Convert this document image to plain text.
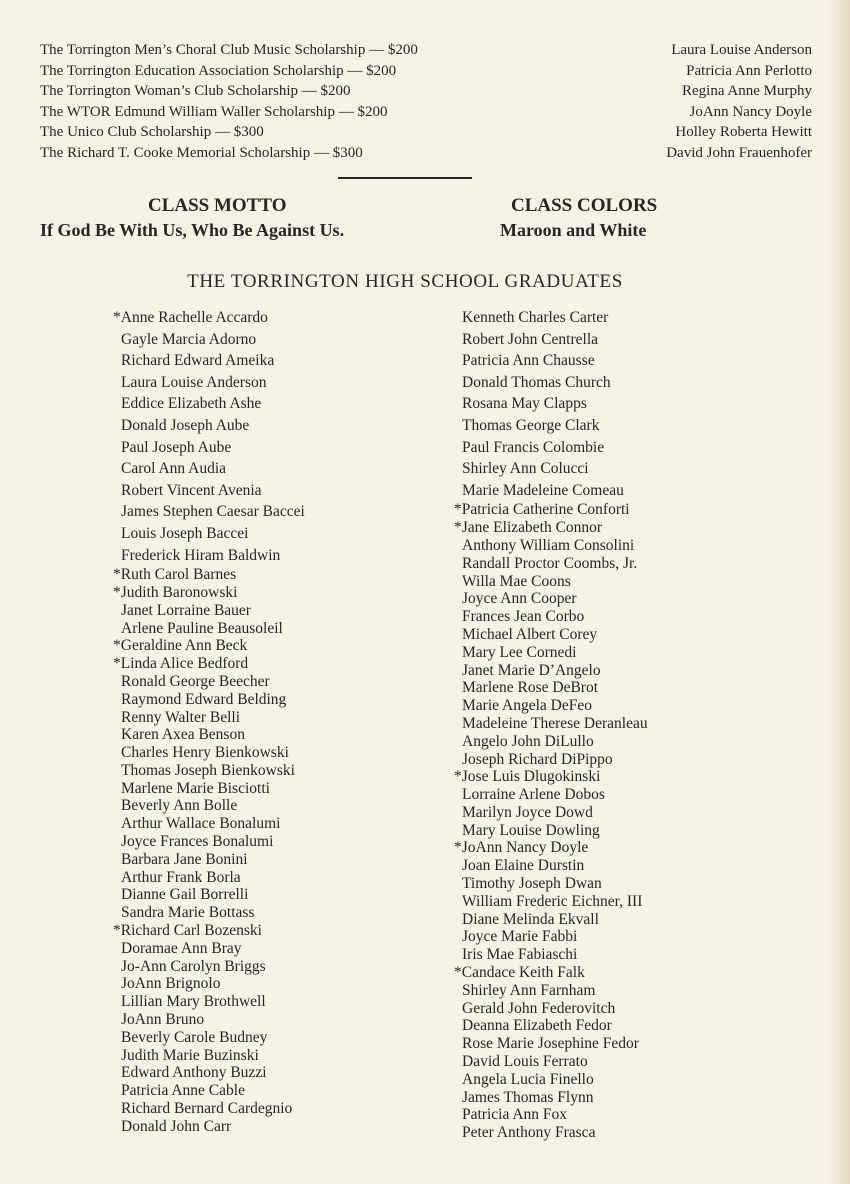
The Torrington Men’s Choral Club Music Scholarship — $200	Laura Louise Anderson
The Torrington Education Association Scholarship — $200	Patricia Ann Perlotto
The Torrington Woman’s Club Scholarship — $200	Regina Anne Murphy
The WTOR Edmund William Waller Scholarship — $200	JoAnn Nancy Doyle
The Unico Club Scholarship — $300	Holley Roberta Hewitt
The Richard T. Cooke Memorial Scholarship — $300	David John Frauenhofer
CLASS MOTTO
If God Be With Us, Who Be Against Us.
CLASS COLORS
Maroon and White
THE TORRINGTON HIGH SCHOOL GRADUATES
*Anne Rachelle Accardo
Gayle Marcia Adorno
Richard Edward Ameika
Laura Louise Anderson
Eddice Elizabeth Ashe
Donald Joseph Aube
Paul Joseph Aube
Carol Ann Audia
Robert Vincent Avenia
James Stephen Caesar Baccei
Louis Joseph Baccei
Frederick Hiram Baldwin
*Ruth Carol Barnes
*Judith Baronowski
Janet Lorraine Bauer
Arlene Pauline Beausoleil
*Geraldine Ann Beck
*Linda Alice Bedford
Ronald George Beecher
Raymond Edward Belding
Renny Walter Belli
Karen Axea Benson
Charles Henry Bienkowski
Thomas Joseph Bienkowski
Marlene Marie Bisciotti
Beverly Ann Bolle
Arthur Wallace Bonalumi
Joyce Frances Bonalumi
Barbara Jane Bonini
Arthur Frank Borla
Dianne Gail Borrelli
Sandra Marie Bottass
*Richard Carl Bozenski
Doramae Ann Bray
Jo-Ann Carolyn Briggs
JoAnn Brignolo
Lillian Mary Brothwell
JoAnn Bruno
Beverly Carole Budney
Judith Marie Buzinski
Edward Anthony Buzzi
Patricia Anne Cable
Richard Bernard Cardegnio
Donald John Carr
Kenneth Charles Carter
Robert John Centrella
Patricia Ann Chausse
Donald Thomas Church
Rosana May Clapps
Thomas George Clark
Paul Francis Colombie
Shirley Ann Colucci
Marie Madeleine Comeau
*Patricia Catherine Conforti
*Jane Elizabeth Connor
Anthony William Consolini
Randall Proctor Coombs, Jr.
Willa Mae Coons
Joyce Ann Cooper
Frances Jean Corbo
Michael Albert Corey
Mary Lee Cornedi
Janet Marie D’Angelo
Marlene Rose DeBrot
Marie Angela DeFeo
Madeleine Therese Deranleau
Angelo John DiLullo
Joseph Richard DiPippo
*Jose Luis Dlugokinski
Lorraine Arlene Dobos
Marilyn Joyce Dowd
Mary Louise Dowling
*JoAnn Nancy Doyle
Joan Elaine Durstin
Timothy Joseph Dwan
William Frederic Eichner, III
Diane Melinda Ekvall
Joyce Marie Fabbi
Iris Mae Fabiaschi
*Candace Keith Falk
Shirley Ann Farnham
Gerald John Federovitch
Deanna Elizabeth Fedor
Rose Marie Josephine Fedor
David Louis Ferrato
Angela Lucia Finello
James Thomas Flynn
Patricia Ann Fox
Peter Anthony Frasca
